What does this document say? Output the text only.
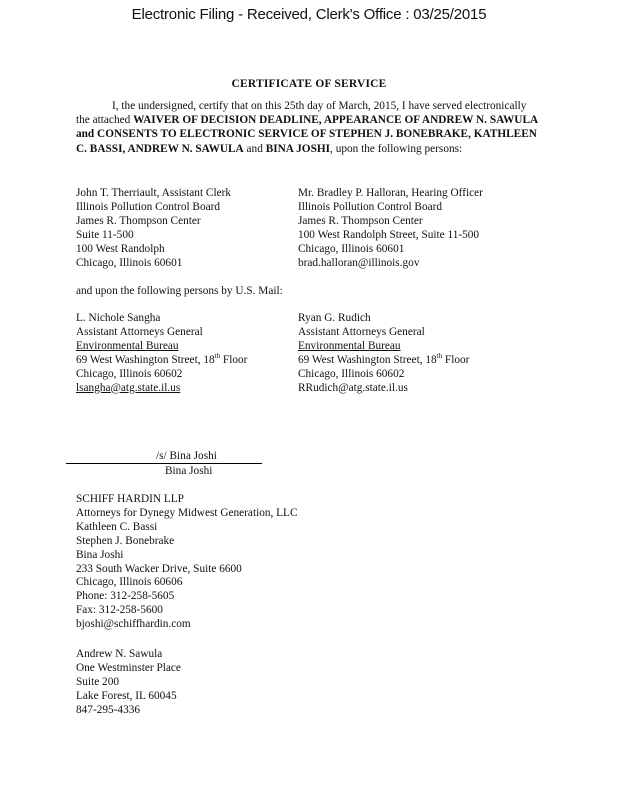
Electronic Filing - Received, Clerk's Office : 03/25/2015
CERTIFICATE OF SERVICE

I, the undersigned, certify that on this 25th day of March, 2015, I have served electronically the attached WAIVER OF DECISION DEADLINE, APPEARANCE OF ANDREW N. SAWULA and CONSENTS TO ELECTRONIC SERVICE OF STEPHEN J. BONEBRAKE, KATHLEEN C. BASSI, ANDREW N. SAWULA and BINA JOSHI, upon the following persons:

John T. Therriault, Assistant Clerk
Illinois Pollution Control Board
James R. Thompson Center
Suite 11-500
100 West Randolph
Chicago, Illinois 60601
Mr. Bradley P. Halloran, Hearing Officer
Illinois Pollution Control Board
James R. Thompson Center
100 West Randolph Street, Suite 11-500
Chicago, Illinois 60601
brad.halloran@illinois.gov
and upon the following persons by U.S. Mail:
L. Nichole Sangha
Assistant Attorneys General
Environmental Bureau
69 West Washington Street, 18th Floor
Chicago, Illinois 60602
lsangha@atg.state.il.us
Ryan G. Rudich
Assistant Attorneys General
Environmental Bureau
69 West Washington Street, 18th Floor
Chicago, Illinois 60602
RRudich@atg.state.il.us
/s/ Bina Joshi
Bina Joshi
SCHIFF HARDIN LLP
Attorneys for Dynegy Midwest Generation, LLC
Kathleen C. Bassi
Stephen J. Bonebrake
Bina Joshi
233 South Wacker Drive, Suite 6600
Chicago, Illinois 60606
Phone: 312-258-5605
Fax: 312-258-5600
bjoshi@schiffhardin.com
Andrew N. Sawula
One Westminster Place
Suite 200
Lake Forest, IL 60045
847-295-4336
